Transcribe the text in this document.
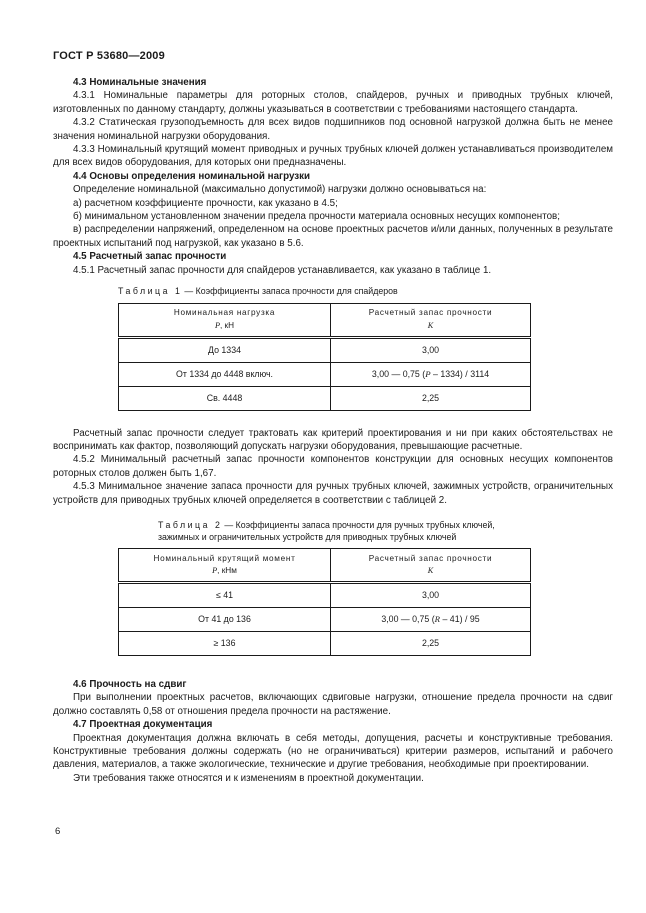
ГОСТ Р 53680—2009

4.3 Номинальные значения

4.3.1 Номинальные параметры для роторных столов, спайдеров, ручных и приводных трубных ключей, изготовленных по данному стандарту, должны указываться в соответствии с требованиями настоящего стандарта.

4.3.2 Статическая грузоподъемность для всех видов подшипников под основной нагрузкой должна быть не менее значения номинальной нагрузки оборудования.

4.3.3 Номинальный крутящий момент приводных и ручных трубных ключей должен устанавливаться производителем для всех видов оборудования, для которых они предназначены.

4.4 Основы определения номинальной нагрузки

Определение номинальной (максимально допустимой) нагрузки должно основываться на:

а) расчетном коэффициенте прочности, как указано в 4.5;

б) минимальном установленном значении предела прочности материала основных несущих компонентов;

в) распределении напряжений, определенном на основе проектных расчетов и/или данных, полученных в результате проектных испытаний под нагрузкой, как указано в 5.6.

4.5 Расчетный запас прочности

4.5.1 Расчетный запас прочности для спайдеров устанавливается, как указано в таблице 1.

Таблица 1 — Коэффициенты запаса прочности для спайдеров
Номинальная нагрузка
P, кН

Расчетный запас прочности
К

До 1334	3,00
От 1334 до 4448 включ.	3,00 — 0,75 (P – 1334) / 3114
Св. 4448	2,25

Расчетный запас прочности следует трактовать как критерий проектирования и ни при каких обстоятельствах не воспринимать как фактор, позволяющий допускать нагрузки оборудования, превышающие расчетные.

4.5.2 Минимальный расчетный запас прочности компонентов конструкции для основных несущих компонентов роторных столов должен быть 1,67.

4.5.3 Минимальное значение запаса прочности для ручных трубных ключей, зажимных устройств, ограничительных устройств для приводных трубных ключей определяется в соответствии с таблицей 2.

Таблица 2 — Коэффициенты запаса прочности для ручных трубных ключей,
зажимных и ограничительных устройств для приводных трубных ключей
Номинальный крутящий момент
P, кНм

Расчетный запас прочности
К

≤ 41	3,00
От 41 до 136	3,00 — 0,75 (R – 41) / 95
≥ 136	2,25

4.6 Прочность на сдвиг

При выполнении проектных расчетов, включающих сдвиговые нагрузки, отношение предела прочности на сдвиг должно составлять 0,58 от отношения предела прочности на растяжение.

4.7 Проектная документация

Проектная документация должна включать в себя методы, допущения, расчеты и конструктивные требования. Конструктивные требования должны содержать (но не ограничиваться) критерии размеров, испытаний и рабочего давления, материалов, а также экологические, технические и другие требования, необходимые при проектировании.

Эти требования также относятся и к изменениям в проектной документации.

6
